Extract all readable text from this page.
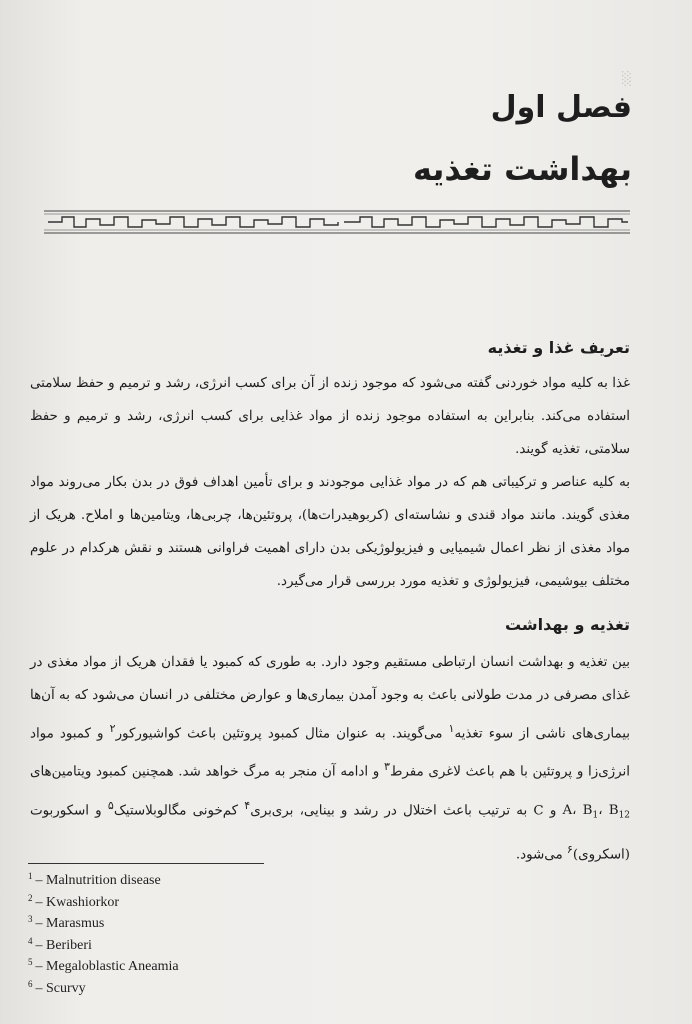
فصل اول
بهداشت تغذیه
░
تعریف غذا و تغذیه
غذا به کلیه مواد خوردنی گفته می‌شود که موجود زنده از آن برای کسب انرژی، رشد و ترمیم و حفظ سلامتی استفاده می‌کند. بنابراین به استفاده موجود زنده از مواد غذایی برای کسب انرژی، رشد و ترمیم و حفظ سلامتی، تغذیه گویند.
به کلیه عناصر و ترکیباتی هم که در مواد غذایی موجودند و برای تأمین اهداف فوق در بدن بکار می‌روند مواد مغذی گویند. مانند مواد قندی و نشاسته‌ای (کربوهیدرات‌ها)، پروتئین‌ها، چربی‌ها، ویتامین‌ها و املاح. هریک از مواد مغذی از نظر اعمال شیمیایی و فیزیولوژیکی بدن دارای اهمیت فراوانی هستند و نقش هرکدام در علوم مختلف بیوشیمی، فیزیولوژی و تغذیه مورد بررسی قرار می‌گیرد.
تغذیه و بهداشت
بین تغذیه و بهداشت انسان ارتباطی مستقیم وجود دارد. به طوری که کمبود یا فقدان هریک از مواد مغذی در غذای مصرفی در مدت طولانی باعث به وجود آمدن بیماری‌ها و عوارض مختلفی در انسان می‌شود که به آن‌ها بیماری‌های ناشی از سوء تغذیه$^۱$ می‌گویند. به عنوان مثال کمبود پروتئین باعث کواشیورکور$^۲$ و کمبود مواد انرژی‌زا و پروتئین با هم باعث لاغری مفرط$^۳$ و ادامه آن منجر به مرگ خواهد شد. همچنین کمبود ویتامین‌های A، $B_1،$ $B_{12}$ و C به ترتیب باعث اختلال در رشد و بینایی، بری‌بری$^۴$ کم‌خونی مگالوبلاستیک$^۵$ و اسکوربوت (اسکروی)$^۶$ می‌شود.
$^1$ – Malnutrition disease
$^2$ – Kwashiorkor
$^3$ – Marasmus
$^4$ – Beriberi
$^5$ – Megaloblastic Aneamia
$^6$ – Scurvy
